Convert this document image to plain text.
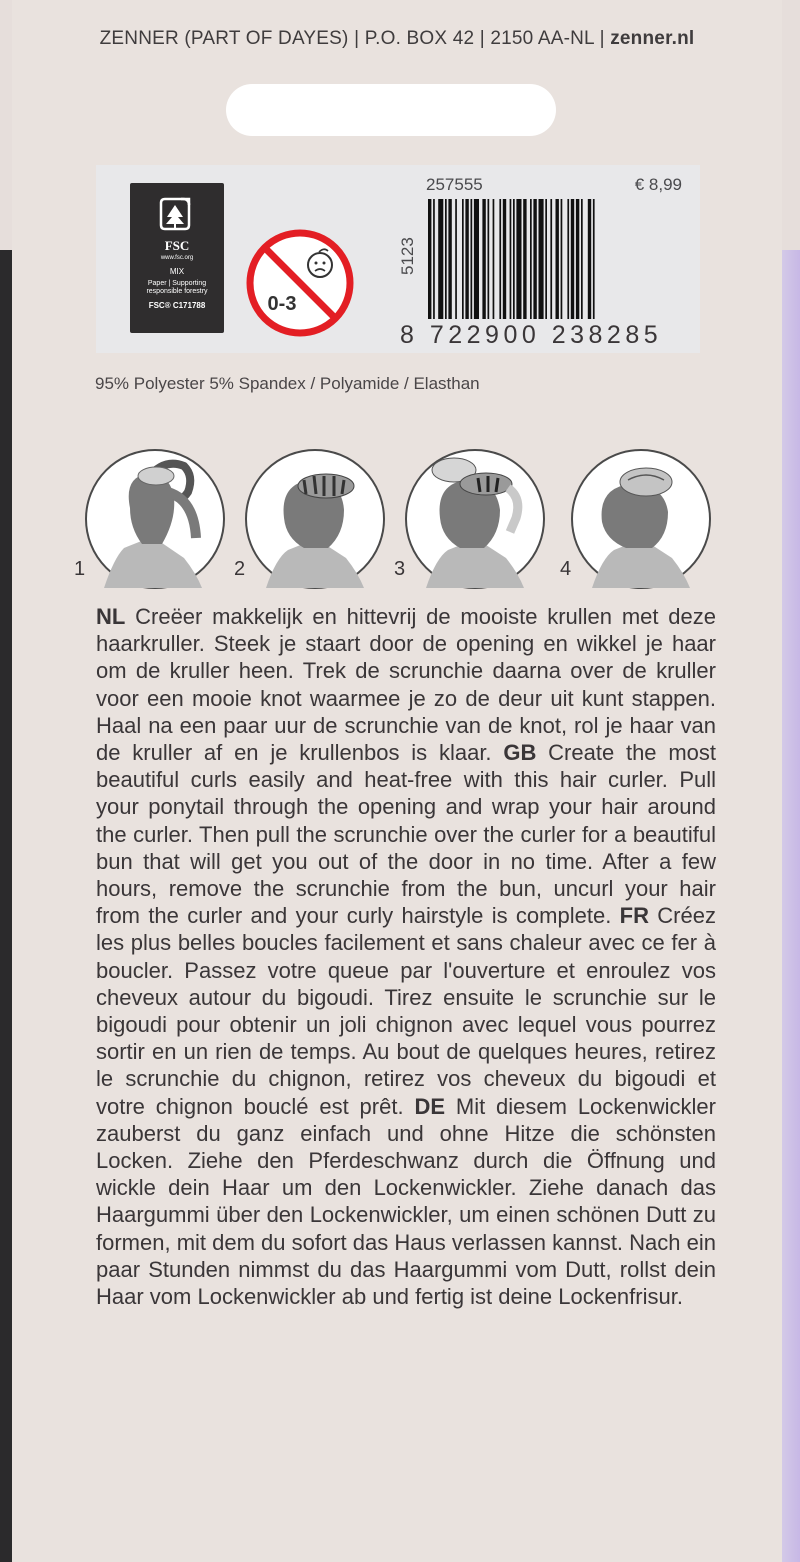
ZENNER (PART OF DAYES) | P.O. BOX 42 | 2150 AA-NL | zenner.nl
FSC
www.fsc.org
MIX
Paper | Supporting responsible forestry
FSC® C171788	0-3
257555	€ 8,99
5123
8 722900 238285
95% Polyester 5% Spandex / Polyamide / Elasthan
1	2	3	4
NL Creëer makkelijk en hittevrij de mooiste krullen met deze haarkruller. Steek je staart door de opening en wikkel je haar om de kruller heen. Trek de scrunchie daarna over de kruller voor een mooie knot waarmee je zo de deur uit kunt stappen. Haal na een paar uur de scrunchie van de knot, rol je haar van de kruller af en je krullenbos is klaar. GB Create the most beautiful curls easily and heat-free with this hair curler. Pull your ponytail through the opening and wrap your hair around the curler. Then pull the scrunchie over the curler for a beautiful bun that will get you out of the door in no time. After a few hours, remove the scrunchie from the bun, uncurl your hair from the curler and your curly hairstyle is complete. FR Créez les plus belles boucles facilement et sans chaleur avec ce fer à boucler. Passez votre queue par l'ouverture et enroulez vos cheveux autour du bigoudi. Tirez ensuite le scrunchie sur le bigoudi pour obtenir un joli chignon avec lequel vous pourrez sortir en un rien de temps. Au bout de quelques heures, retirez le scrunchie du chignon, retirez vos cheveux du bigoudi et votre chignon bouclé est prêt. DE Mit diesem Lockenwickler zauberst du ganz einfach und ohne Hitze die schönsten Locken. Ziehe den Pferdeschwanz durch die Öffnung und wickle dein Haar um den Lockenwickler. Ziehe danach das Haargummi über den Lockenwickler, um einen schönen Dutt zu formen, mit dem du sofort das Haus verlassen kannst. Nach ein paar Stunden nimmst du das Haargummi vom Dutt, rollst dein Haar vom Lockenwickler ab und fertig ist deine Lockenfrisur.
